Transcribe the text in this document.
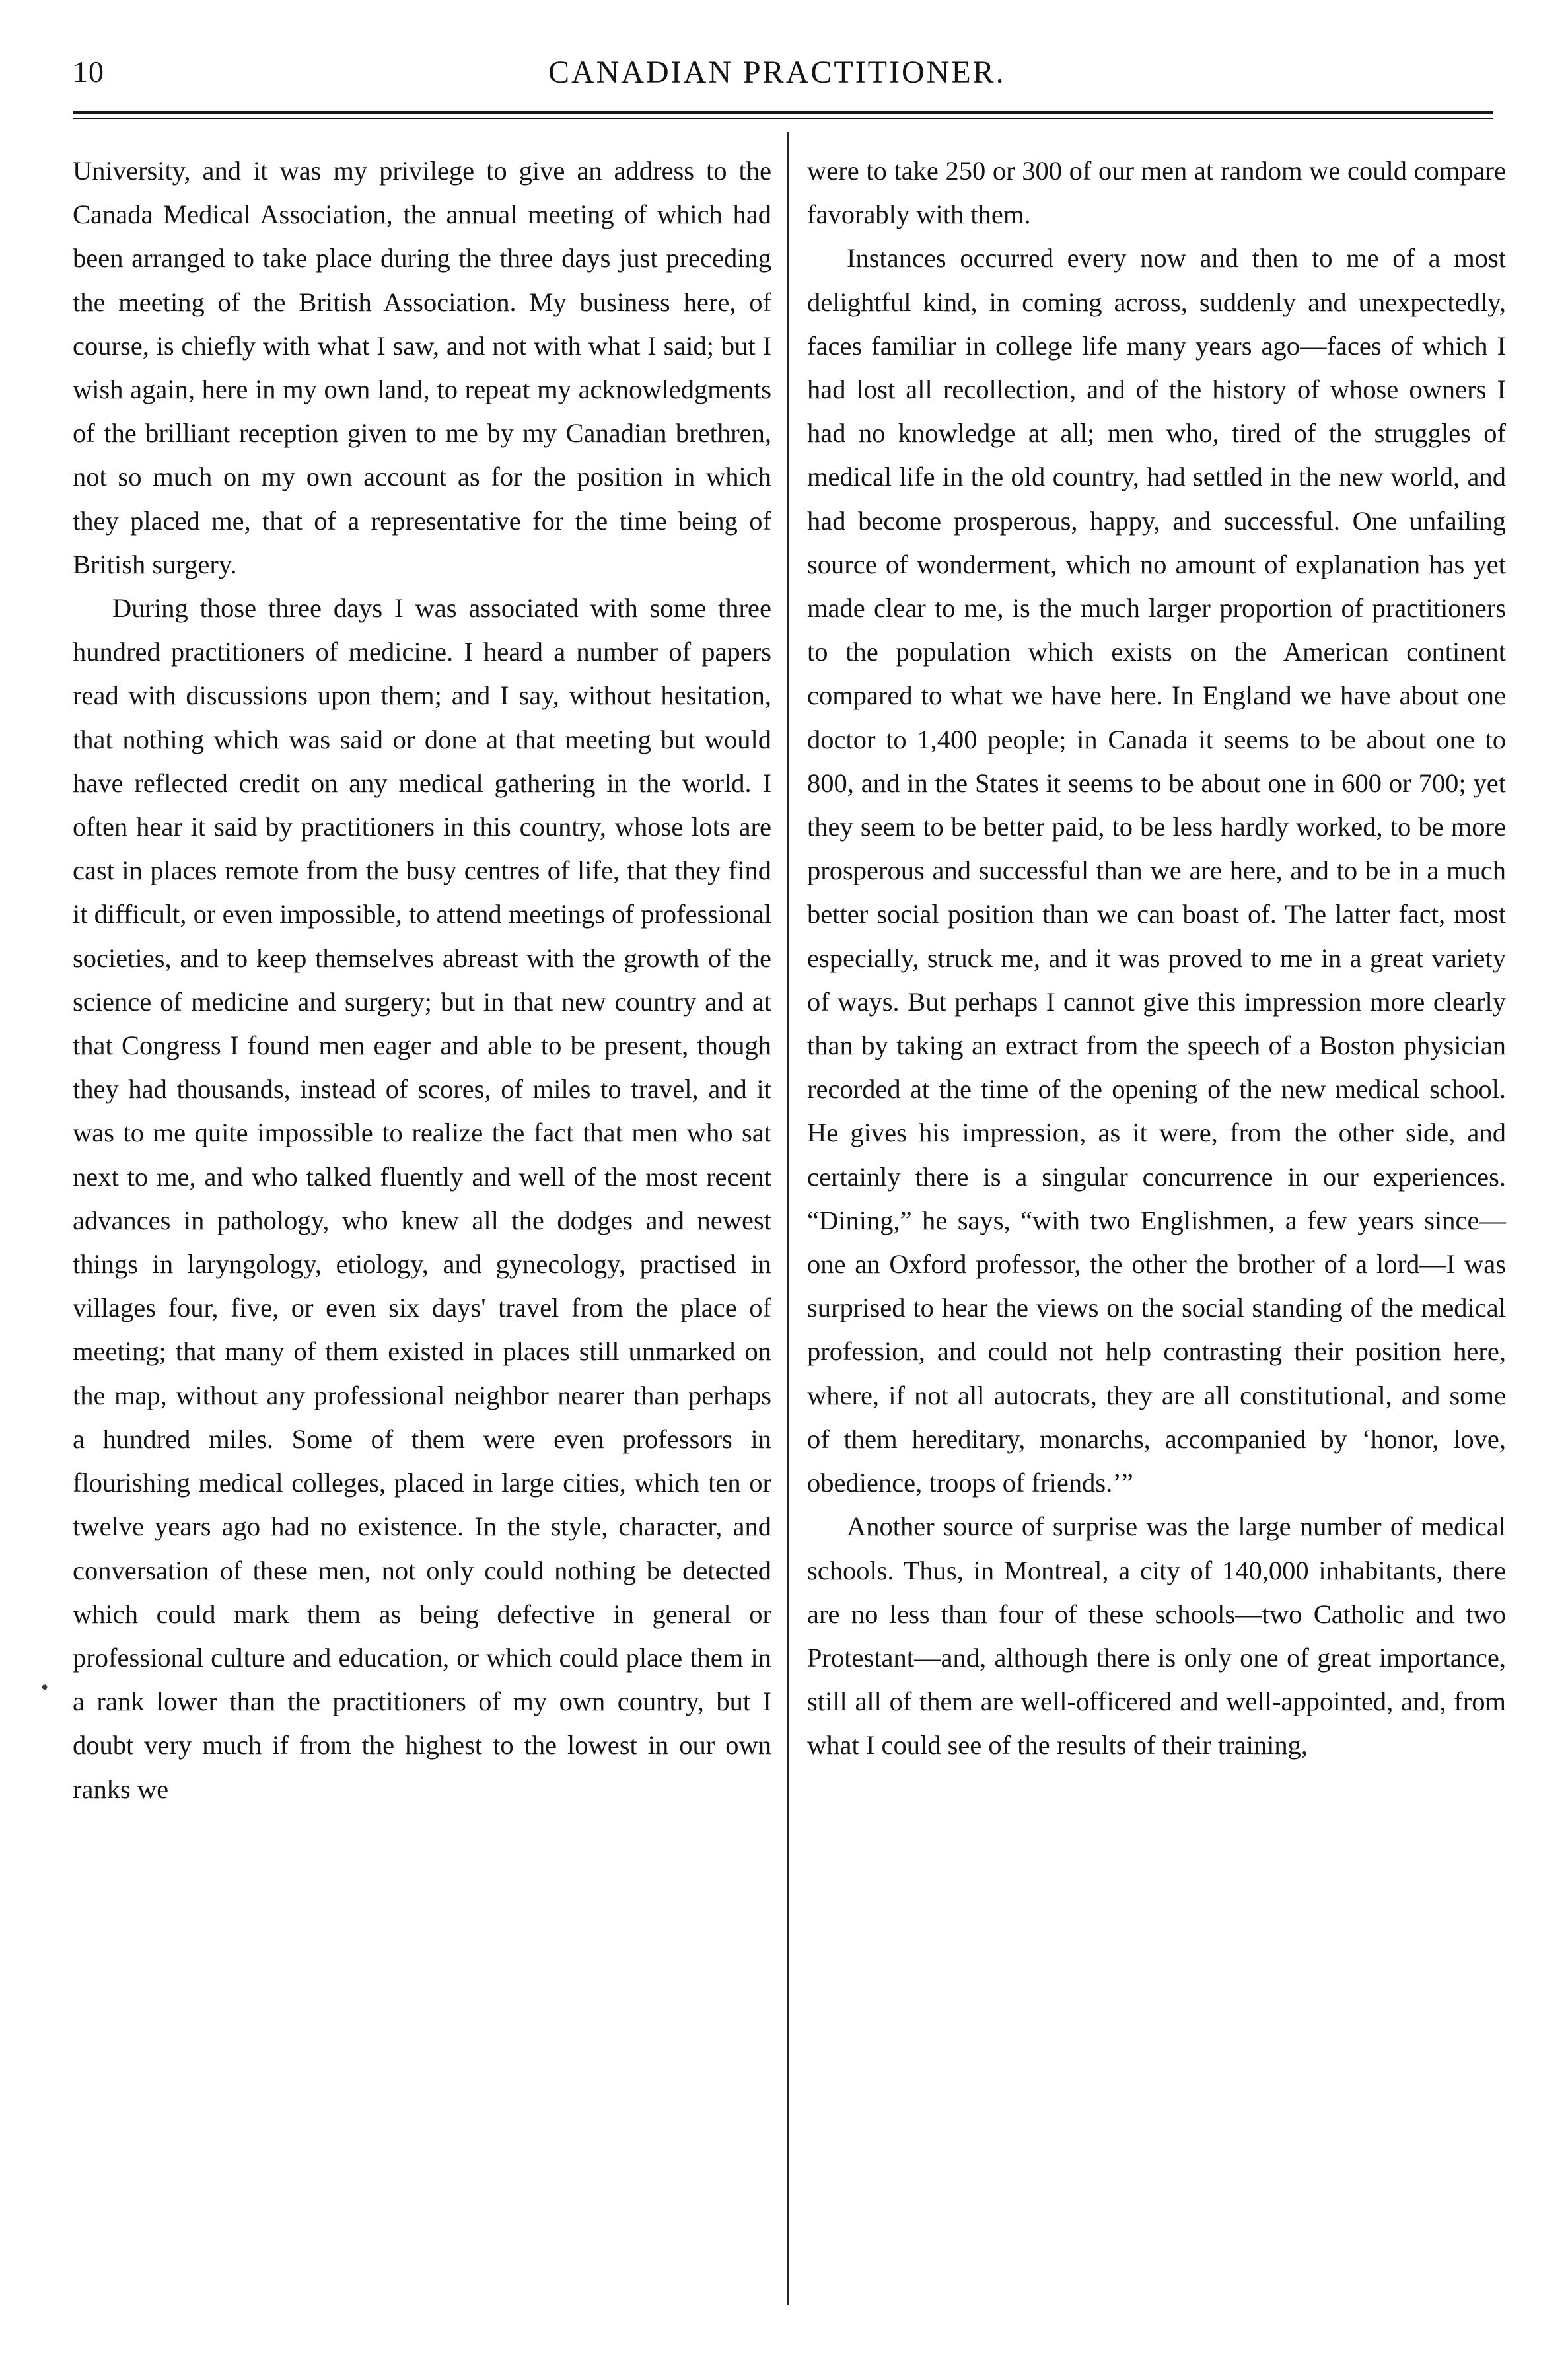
10	CANADIAN PRACTITIONER.

University, and it was my privilege to give an address to the Canada Medical Association, the annual meeting of which had been arranged to take place during the three days just preceding the meeting of the British Association. My business here, of course, is chiefly with what I saw, and not with what I said; but I wish again, here in my own land, to repeat my acknowledgments of the brilliant reception given to me by my Canadian brethren, not so much on my own account as for the position in which they placed me, that of a representative for the time being of British surgery.

During those three days I was associated with some three hundred practitioners of medicine. I heard a number of papers read with discussions upon them; and I say, without hesitation, that nothing which was said or done at that meeting but would have reflected credit on any medical gathering in the world. I often hear it said by practitioners in this country, whose lots are cast in places remote from the busy centres of life, that they find it difficult, or even impossible, to attend meetings of professional societies, and to keep themselves abreast with the growth of the science of medicine and surgery; but in that new country and at that Congress I found men eager and able to be present, though they had thousands, instead of scores, of miles to travel, and it was to me quite impossible to realize the fact that men who sat next to me, and who talked fluently and well of the most recent advances in pathology, who knew all the dodges and newest things in laryngology, etiology, and gynecology, practised in villages four, five, or even six days' travel from the place of meeting; that many of them existed in places still unmarked on the map, without any professional neighbor nearer than perhaps a hundred miles. Some of them were even professors in flourishing medical colleges, placed in large cities, which ten or twelve years ago had no existence. In the style, character, and conversation of these men, not only could nothing be detected which could mark them as being defective in general or professional culture and education, or which could place them in a rank lower than the practitioners of my own country, but I doubt very much if from the highest to the lowest in our own ranks we

were to take 250 or 300 of our men at random we could compare favorably with them.

Instances occurred every now and then to me of a most delightful kind, in coming across, suddenly and unexpectedly, faces familiar in college life many years ago—faces of which I had lost all recollection, and of the history of whose owners I had no knowledge at all; men who, tired of the struggles of medical life in the old country, had settled in the new world, and had become prosperous, happy, and successful. One unfailing source of wonderment, which no amount of explanation has yet made clear to me, is the much larger proportion of practitioners to the population which exists on the American continent compared to what we have here. In England we have about one doctor to 1,400 people; in Canada it seems to be about one to 800, and in the States it seems to be about one in 600 or 700; yet they seem to be better paid, to be less hardly worked, to be more prosperous and successful than we are here, and to be in a much better social position than we can boast of. The latter fact, most especially, struck me, and it was proved to me in a great variety of ways. But perhaps I cannot give this impression more clearly than by taking an extract from the speech of a Boston physician recorded at the time of the opening of the new medical school. He gives his impression, as it were, from the other side, and certainly there is a singular concurrence in our experiences. “Dining,” he says, “with two Englishmen, a few years since—one an Oxford professor, the other the brother of a lord—I was surprised to hear the views on the social standing of the medical profession, and could not help contrasting their position here, where, if not all autocrats, they are all constitutional, and some of them hereditary, monarchs, accompanied by ‘honor, love, obedience, troops of friends.’”

Another source of surprise was the large number of medical schools. Thus, in Montreal, a city of 140,000 inhabitants, there are no less than four of these schools—two Catholic and two Protestant—and, although there is only one of great importance, still all of them are well-officered and well-appointed, and, from what I could see of the results of their training,

•
